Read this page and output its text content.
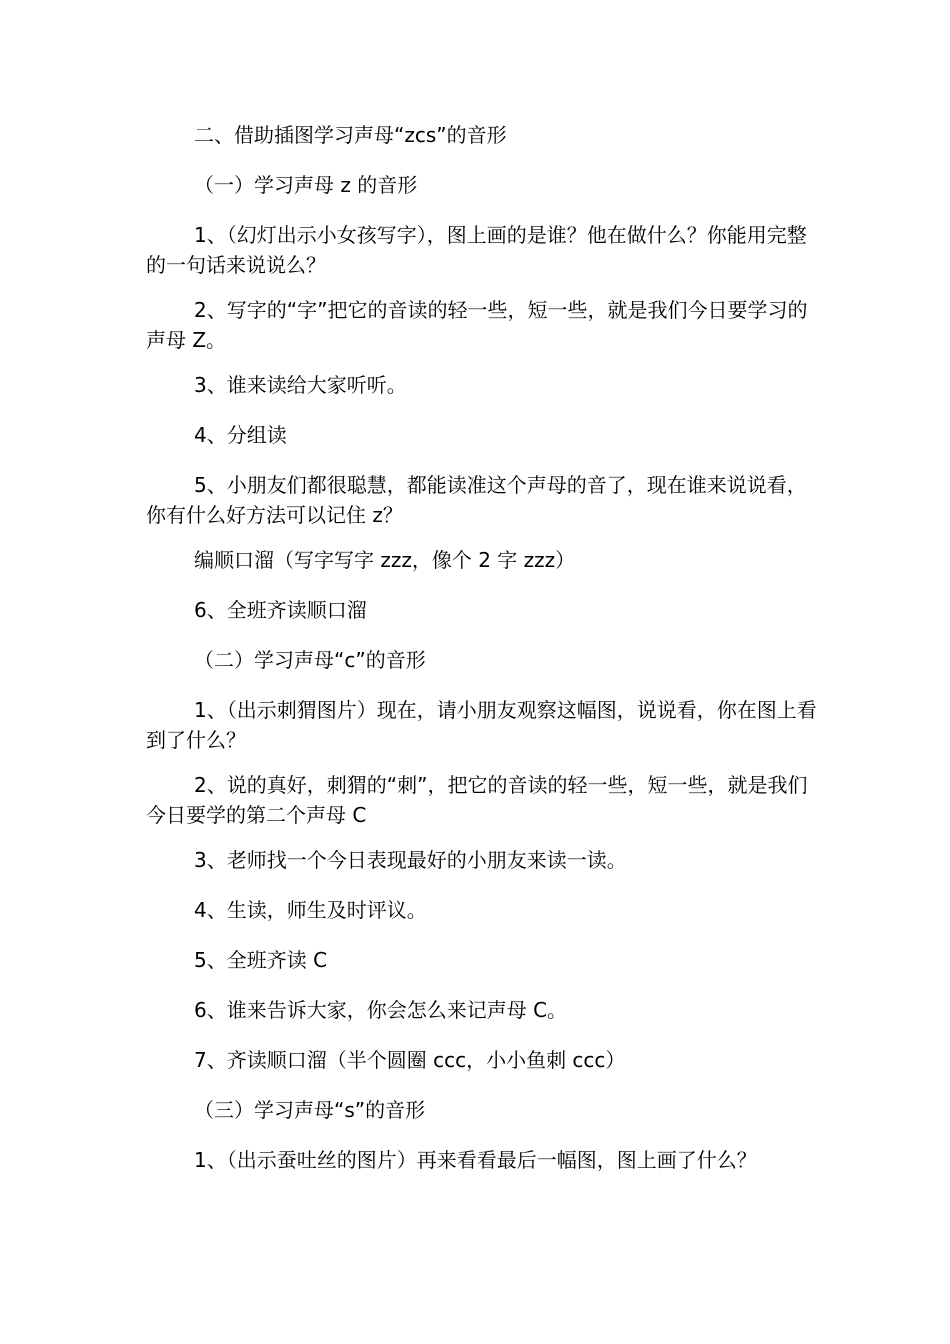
二、借助插图学习声母“zcs”的音形

（一）学习声母 z 的音形

1、（幻灯出示小女孩写字），图上画的是谁？他在做什么？你能用完整的一句话来说说么？

2、写字的“字”把它的音读的轻一些，短一些，就是我们今日要学习的声母 Z。

3、谁来读给大家听听。

4、分组读

5、小朋友们都很聪慧，都能读准这个声母的音了，现在谁来说说看，你有什么好方法可以记住 z？

编顺口溜（写字写字 zzz，像个 2 字 zzz）

6、全班齐读顺口溜

（二）学习声母“c”的音形

1、（出示刺猬图片）现在，请小朋友观察这幅图，说说看，你在图上看到了什么？

2、说的真好，刺猬的“刺”，把它的音读的轻一些，短一些，就是我们今日要学的第二个声母 C

3、老师找一个今日表现最好的小朋友来读一读。

4、生读，师生及时评议。

5、全班齐读 C

6、谁来告诉大家，你会怎么来记声母 C。

7、齐读顺口溜（半个圆圈 ccc，小小鱼刺 ccc）

（三）学习声母“s”的音形

1、（出示蚕吐丝的图片）再来看看最后一幅图，图上画了什么？
